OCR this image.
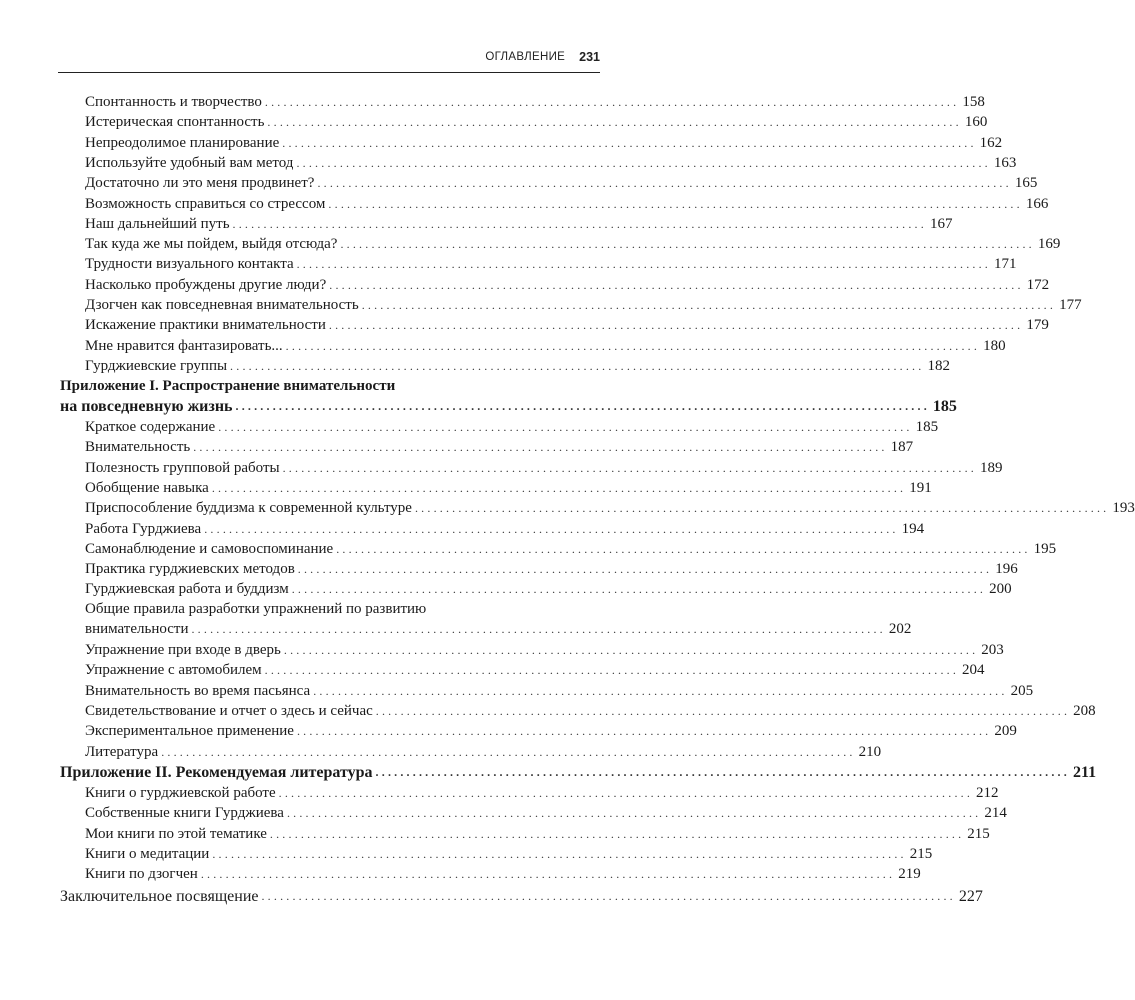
ОГЛАВЛЕНИЕ 231
Спонтанность и творчество ................................................................................................................ 158
Истерическая спонтанность ................................................................................................................ 160
Непреодолимое планирование ................................................................................................................ 162
Используйте удобный вам метод ................................................................................................................ 163
Достаточно ли это меня продвинет? ................................................................................................................ 165
Возможность справиться со стрессом ................................................................................................................ 166
Наш дальнейший путь ................................................................................................................ 167
Так куда же мы пойдем, выйдя отсюда? ................................................................................................................ 169
Трудности визуального контакта ................................................................................................................ 171
Насколько пробуждены другие люди? ................................................................................................................ 172
Дзогчен как повседневная внимательность ................................................................................................................ 177
Искажение практики внимательности ................................................................................................................ 179
Мне нравится фантазировать... ................................................................................................................ 180
Гурджиевские группы ................................................................................................................ 182
Приложение I. Распространение внимательности
на повседневную жизнь ................................................................................................................ 185
Краткое содержание ................................................................................................................ 185
Внимательность ................................................................................................................ 187
Полезность групповой работы ................................................................................................................ 189
Обобщение навыка ................................................................................................................ 191
Приспособление буддизма к современной культуре ................................................................................................................ 193
Работа Гурджиева ................................................................................................................ 194
Самонаблюдение и самовоспоминание ................................................................................................................ 195
Практика гурджиевских методов ................................................................................................................ 196
Гурджиевская работа и буддизм ................................................................................................................ 200
Общие правила разработки упражнений по развитию
внимательности ................................................................................................................ 202
Упражнение при входе в дверь ................................................................................................................ 203
Упражнение с автомобилем ................................................................................................................ 204
Внимательность во время пасьянса ................................................................................................................ 205
Свидетельствование и отчет о здесь и сейчас ................................................................................................................ 208
Экспериментальное применение ................................................................................................................ 209
Литература ................................................................................................................ 210
Приложение II. Рекомендуемая литература ................................................................................................................ 211
Книги о гурджиевской работе ................................................................................................................ 212
Собственные книги Гурджиева ................................................................................................................ 214
Мои книги по этой тематике ................................................................................................................ 215
Книги о медитации ................................................................................................................ 215
Книги по дзогчен ................................................................................................................ 219
Заключительное посвящение ................................................................................................................ 227
